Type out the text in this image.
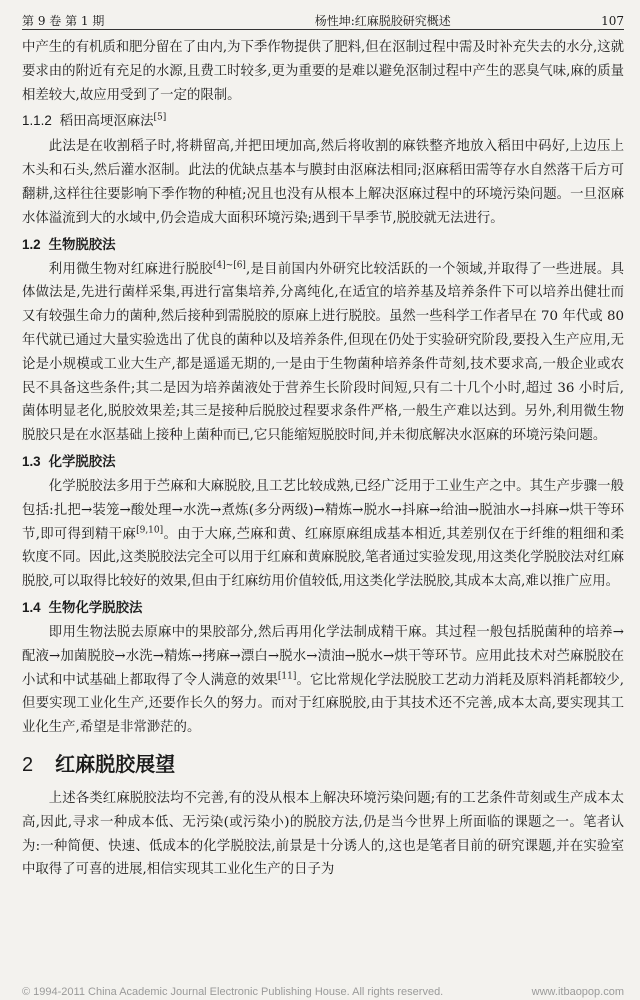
第 9 卷 第 1 期	杨性坤:红麻脱胶研究概述	107

中产生的有机质和肥分留在了由内,为下季作物提供了肥料,但在沤制过程中需及时补充失去的水分,这就要求由的附近有充足的水源,且费工时较多,更为重要的是难以避免沤制过程中产生的恶臭气味,麻的质量相差较大,故应用受到了一定的限制。

1.1.2 稻田高埂沤麻法[5]

此法是在收割稻子时,将耕留高,并把田埂加高,然后将收割的麻铁整齐地放入稻田中码好,上边压上木头和石头,然后灌水沤制。此法的优缺点基本与膜封由沤麻法相同;沤麻稻田需等存水自然落干后方可翻耕,这样往往要影响下季作物的种植;况且也没有从根本上解决沤麻过程中的环境污染问题。一旦沤麻水体溢流到大的水域中,仍会造成大面积环境污染;遇到干旱季节,脱胶就无法进行。

1.2 生物脱胶法

利用微生物对红麻进行脱胶[4]~[6],是目前国内外研究比较活跃的一个领域,并取得了一些进展。具体做法是,先进行菌样采集,再进行富集培养,分离纯化,在适宜的培养基及培养条件下可以培养出健壮而又有较强生命力的菌种,然后接种到需脱胶的原麻上进行脱胶。虽然一些科学工作者早在 70 年代或 80 年代就已通过大量实验选出了优良的菌种以及培养条件,但现在仍处于实验研究阶段,要投入生产应用,无论是小规模或工业大生产,都是遥遥无期的,一是由于生物菌种培养条件苛刻,技术要求高,一般企业或农民不具备这些条件;其二是因为培养菌液处于营养生长阶段时间短,只有二十几个小时,超过 36 小时后,菌体明显老化,脱胶效果差;其三是接种后脱胶过程要求条件严格,一般生产难以达到。另外,利用微生物脱胶只是在水沤基础上接种上菌种而已,它只能缩短脱胶时间,并未彻底解决水沤麻的环境污染问题。

1.3 化学脱胶法

化学脱胶法多用于苎麻和大麻脱胶,且工艺比较成熟,已经广泛用于工业生产之中。其生产步骤一般包括:扎把→装笼→酸处理→水洗→煮炼(多分两级)→精炼→脱水→抖麻→给油→脱油水→抖麻→烘干等环节,即可得到精干麻[9,10]。由于大麻,苎麻和黄、红麻原麻组成基本相近,其差别仅在于纤维的粗细和柔软度不同。因此,这类脱胶法完全可以用于红麻和黄麻脱胶,笔者通过实验发现,用这类化学脱胶法对红麻脱胶,可以取得比较好的效果,但由于红麻纺用价值较低,用这类化学法脱胶,其成本太高,难以推广应用。

1.4 生物化学脱胶法

即用生物法脱去原麻中的果胶部分,然后再用化学法制成精干麻。其过程一般包括脱菌种的培养→配液→加菌脱胶→水洗→精炼→拷麻→漂白→脱水→渍油→脱水→烘干等环节。应用此技术对苎麻脱胶在小试和中试基础上都取得了令人满意的效果[11]。它比常规化学法脱胶工艺动力消耗及原料消耗都较少,但要实现工业化生产,还要作长久的努力。而对于红麻脱胶,由于其技术还不完善,成本太高,要实现其工业化生产,希望是非常渺茫的。

2 红麻脱胶展望

上述各类红麻脱胶法均不完善,有的没从根本上解决环境污染问题;有的工艺条件苛刻或生产成本太高,因此,寻求一种成本低、无污染(或污染小)的脱胶方法,仍是当今世界上所面临的课题之一。笔者认为:一种简便、快速、低成本的化学脱胶法,前景是十分诱人的,这也是笔者目前的研究课题,并在实验室中取得了可喜的进展,相信实现其工业化生产的日子为

© 1994-2011 China Academic Journal Electronic Publishing House. All rights reserved.	www.itbaopop.com
